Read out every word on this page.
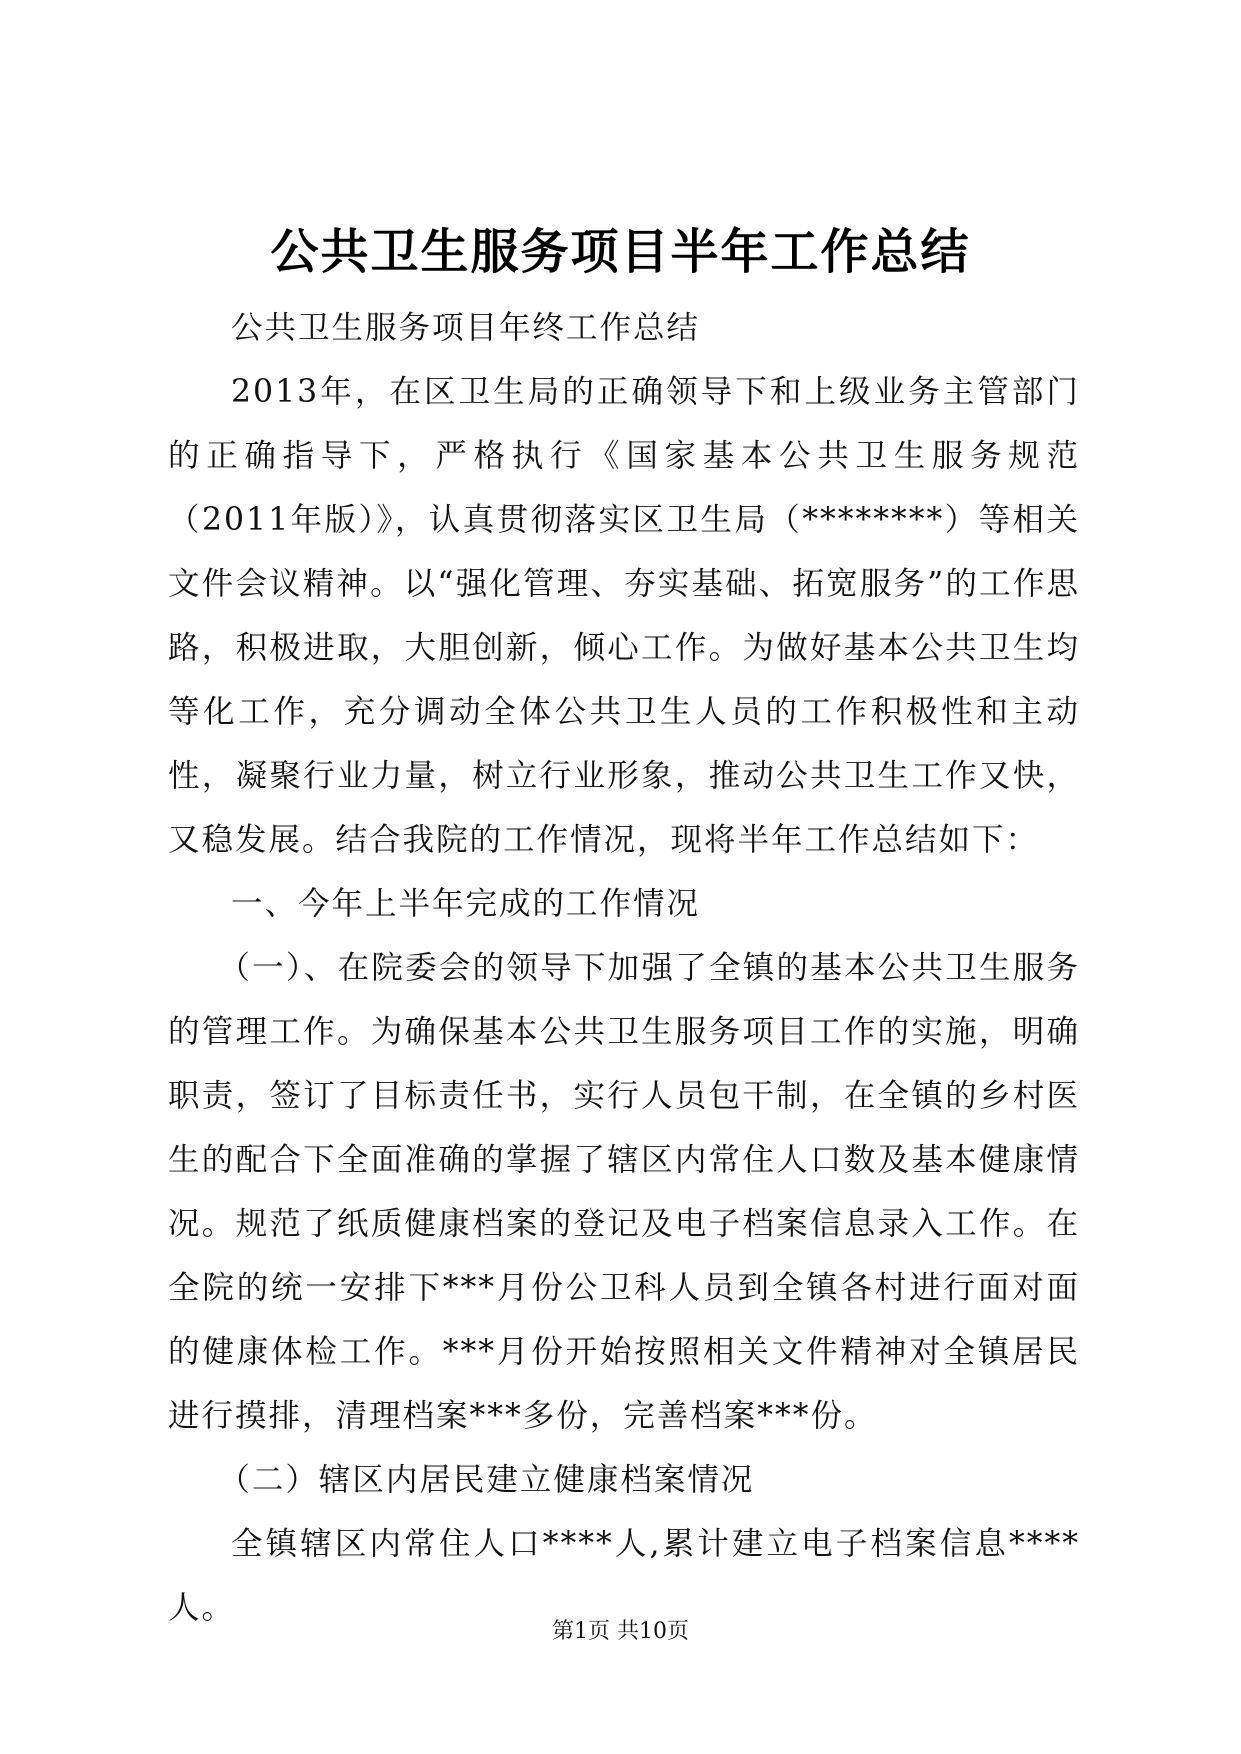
公共卫生服务项目半年工作总结

公共卫生服务项目年终工作总结

2013年，在区卫生局的正确领导下和上级业务主管部门的正确指导下，严格执行《国家基本公共卫生服务规范（2011年版）》，认真贯彻落实区卫生局（********）等相关文件会议精神。以“强化管理、夯实基础、拓宽服务”的工作思路，积极进取，大胆创新，倾心工作。为做好基本公共卫生均等化工作，充分调动全体公共卫生人员的工作积极性和主动性，凝聚行业力量，树立行业形象，推动公共卫生工作又快，又稳发展。结合我院的工作情况，现将半年工作总结如下：

一、今年上半年完成的工作情况

（一）、在院委会的领导下加强了全镇的基本公共卫生服务的管理工作。为确保基本公共卫生服务项目工作的实施，明确职责，签订了目标责任书，实行人员包干制，在全镇的乡村医生的配合下全面准确的掌握了辖区内常住人口数及基本健康情况。规范了纸质健康档案的登记及电子档案信息录入工作。在全院的统一安排下***月份公卫科人员到全镇各村进行面对面的健康体检工作。***月份开始按照相关文件精神对全镇居民进行摸排，清理档案***多份，完善档案***份。

（二）辖区内居民建立健康档案情况

全镇辖区内常住人口****人,累计建立电子档案信息****人。

第1页 共10页
